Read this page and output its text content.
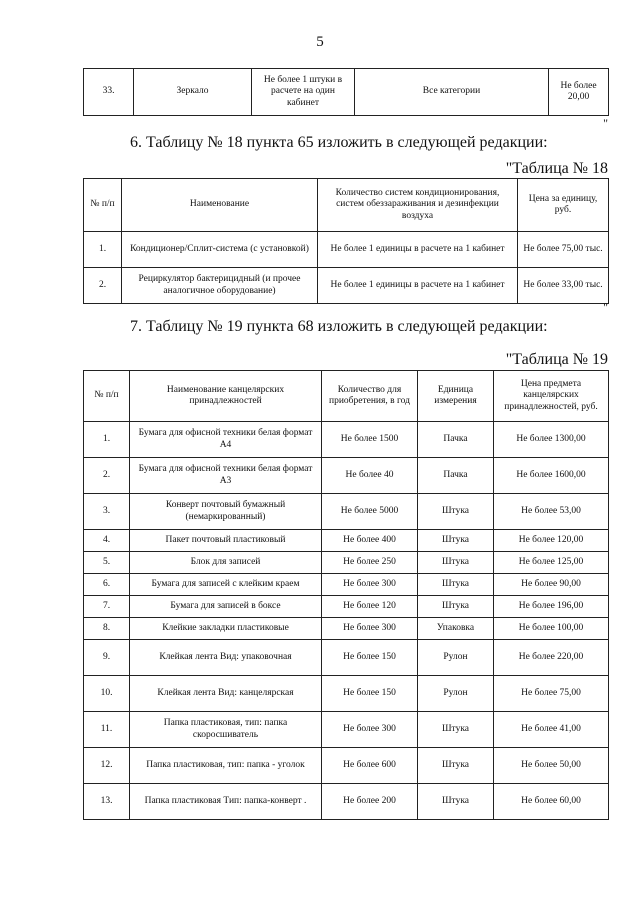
5
33.	Зеркало	Не более 1 штуки в расчете на один кабинет	Все категории	Не более 20,00
"
6. Таблицу № 18 пункта 65 изложить в следующей редакции:
"Таблица № 18
№ п/п	Наименование	Количество систем кондиционирования, систем обеззараживания и дезинфекции воздуха	Цена за единицу, руб.
1.	Кондиционер/Сплит-система (с установкой)	Не более 1 единицы в расчете на 1 кабинет	Не более 75,00 тыс.
2.	Рециркулятор бактерицидный (и прочее аналогичное оборудование)	Не более 1 единицы в расчете на 1 кабинет	Не более 33,00 тыс.
"
7. Таблицу № 19 пункта 68 изложить в следующей редакции:
"Таблица № 19
№ п/п	Наименование канцелярских принадлежностей	Количество для приобретения, в год	Единица измерения	Цена предмета канцелярских принадлежностей, руб.
1.	Бумага для офисной техники белая формат А4	Не более 1500	Пачка	Не более 1300,00
2.	Бумага для офисной техники белая формат А3	Не более 40	Пачка	Не более 1600,00
3.	Конверт почтовый бумажный (немаркированный)	Не более 5000	Штука	Не более 53,00
4.	Пакет почтовый пластиковый	Не более 400	Штука	Не более 120,00
5.	Блок для записей	Не более 250	Штука	Не более 125,00
6.	Бумага для записей с клейким краем	Не более 300	Штука	Не более 90,00
7.	Бумага для записей в боксе	Не более 120	Штука	Не более 196,00
8.	Клейкие закладки пластиковые	Не более 300	Упаковка	Не более 100,00
9.	Клейкая лента Вид: упаковочная	Не более 150	Рулон	Не более 220,00
10.	Клейкая лента Вид: канцелярская	Не более 150	Рулон	Не более 75,00
11.	Папка пластиковая, тип: папка скоросшиватель	Не более 300	Штука	Не более 41,00
12.	Папка пластиковая, тип: папка - уголок	Не более 600	Штука	Не более 50,00
13.	Папка пластиковая Тип: папка-конверт .	Не более 200	Штука	Не более 60,00
